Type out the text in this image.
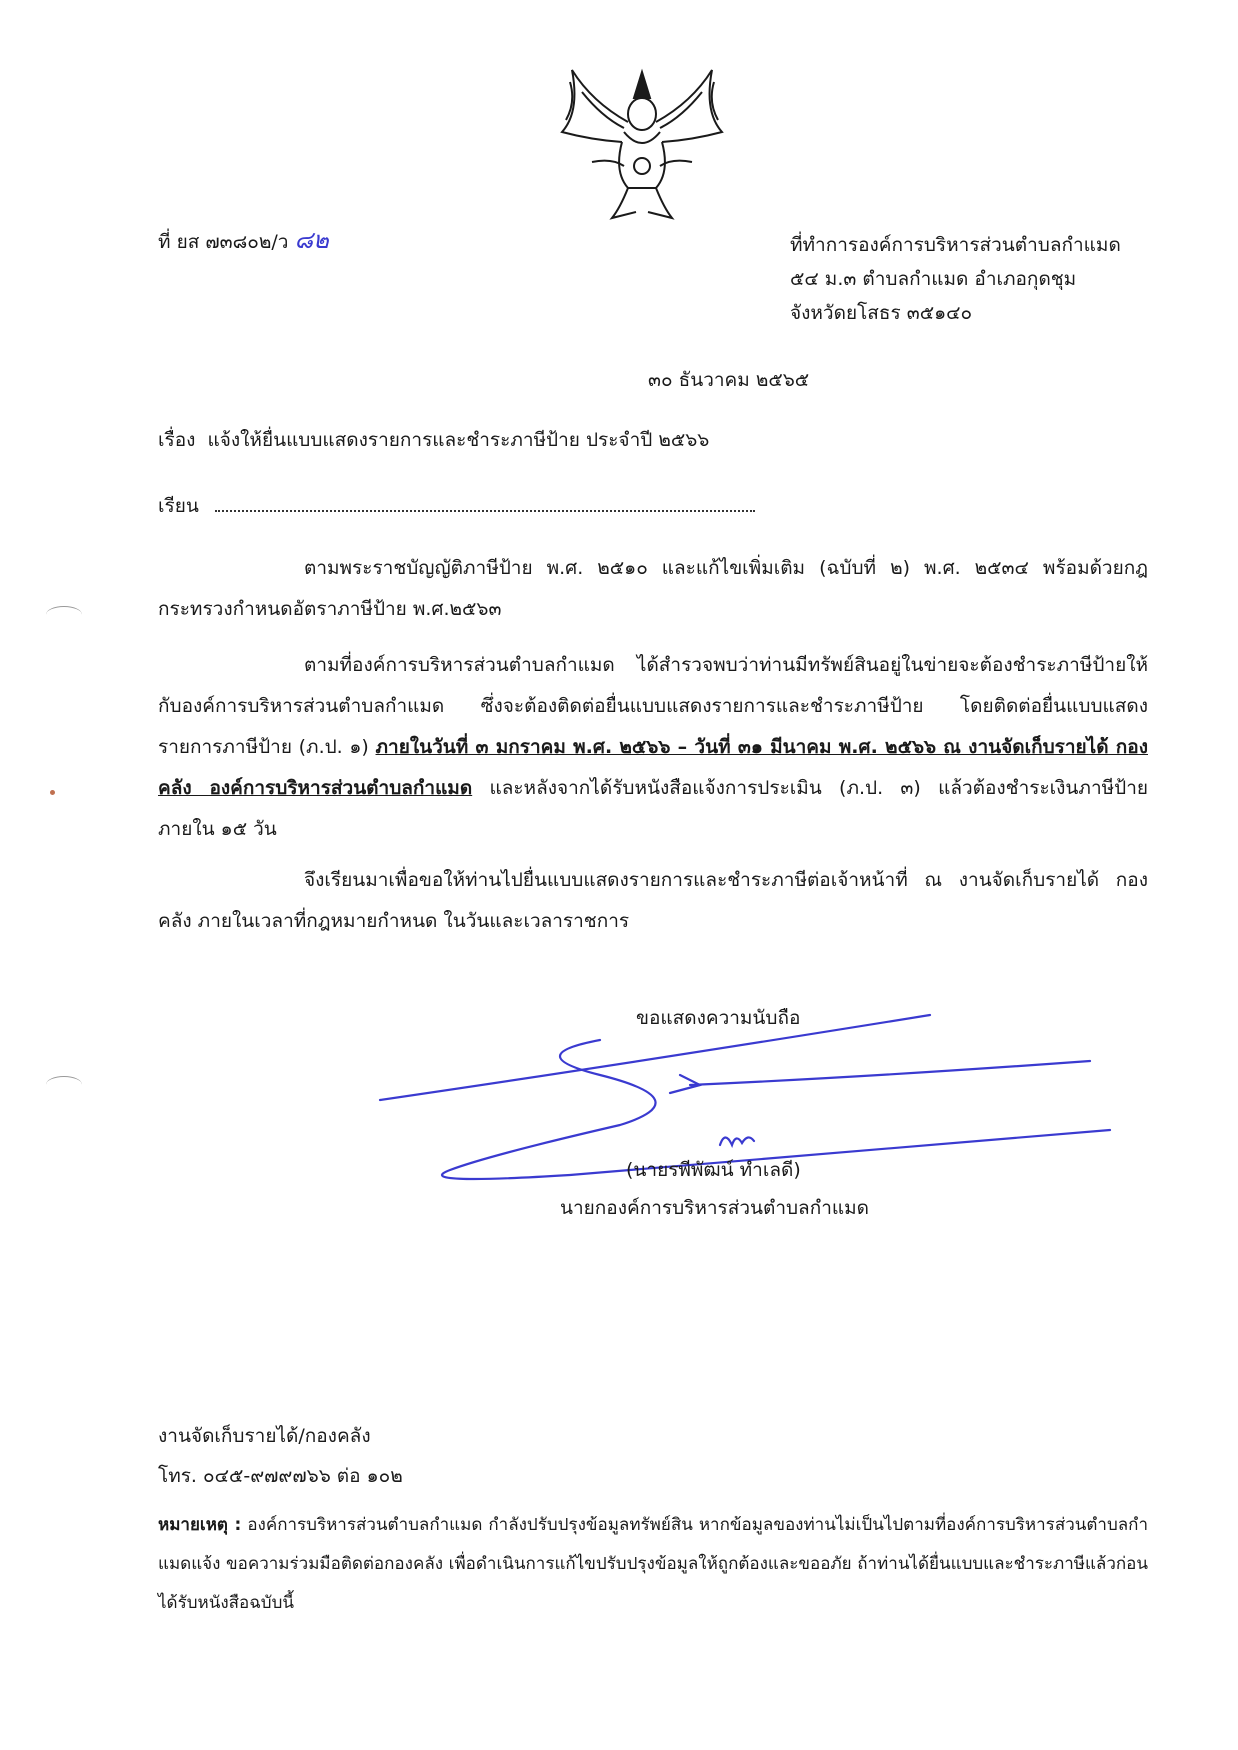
ที่ ยส ๗๓๘๐๒/ว ๘๒	ที่ทำการองค์การบริหารส่วนตำบลกำแมด
๕๔ ม.๓ ตำบลกำแมด อำเภอกุดชุม
จังหวัดยโสธร ๓๕๑๔๐
๓๐ ธันวาคม ๒๕๖๕
เรื่อง แจ้งให้ยื่นแบบแสดงรายการและชำระภาษีป้าย ประจำปี ๒๕๖๖
เรียน
ตามพระราชบัญญัติภาษีป้าย พ.ศ. ๒๕๑๐ และแก้ไขเพิ่มเติม (ฉบับที่ ๒) พ.ศ. ๒๕๓๔ พร้อมด้วยกฎกระทรวงกำหนดอัตราภาษีป้าย พ.ศ.๒๕๖๓
ตามที่องค์การบริหารส่วนตำบลกำแมด ได้สำรวจพบว่าท่านมีทรัพย์สินอยู่ในข่ายจะต้องชำระภาษีป้ายให้กับองค์การบริหารส่วนตำบลกำแมด ซึ่งจะต้องติดต่อยื่นแบบแสดงรายการและชำระภาษีป้าย โดยติดต่อยื่นแบบแสดงรายการภาษีป้าย (ภ.ป. ๑) ภายในวันที่ ๓ มกราคม พ.ศ. ๒๕๖๖ – วันที่ ๓๑ มีนาคม พ.ศ. ๒๕๖๖ ณ งานจัดเก็บรายได้ กองคลัง องค์การบริหารส่วนตำบลกำแมด และหลังจากได้รับหนังสือแจ้งการประเมิน (ภ.ป. ๓) แล้วต้องชำระเงินภาษีป้ายภายใน ๑๕ วัน
จึงเรียนมาเพื่อขอให้ท่านไปยื่นแบบแสดงรายการและชำระภาษีต่อเจ้าหน้าที่ ณ งานจัดเก็บรายได้ กองคลัง ภายในเวลาที่กฎหมายกำหนด ในวันและเวลาราชการ
ขอแสดงความนับถือ
(นายรพีพัฒน์ ทำเลดี)
นายกองค์การบริหารส่วนตำบลกำแมด
งานจัดเก็บรายได้/กองคลัง
โทร. ๐๔๕-๙๗๙๗๖๖ ต่อ ๑๐๒
หมายเหตุ : องค์การบริหารส่วนตำบลกำแมด กำลังปรับปรุงข้อมูลทรัพย์สิน หากข้อมูลของท่านไม่เป็นไปตามที่องค์การบริหารส่วนตำบลกำแมดแจ้ง ขอความร่วมมือติดต่อกองคลัง เพื่อดำเนินการแก้ไขปรับปรุงข้อมูลให้ถูกต้องและขออภัย ถ้าท่านได้ยื่นแบบและชำระภาษีแล้วก่อนได้รับหนังสือฉบับนี้
